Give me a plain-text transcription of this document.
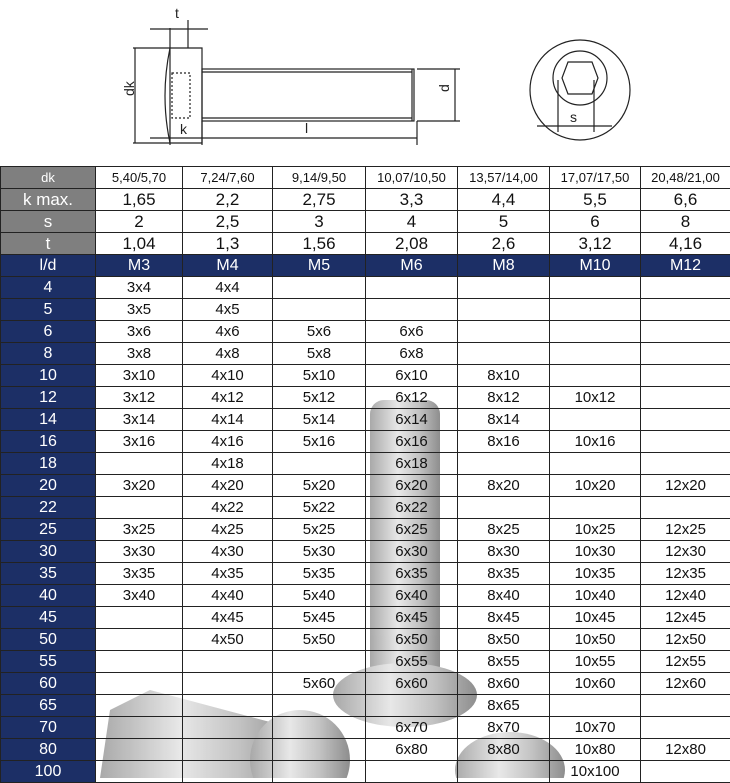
t
dk
k	l
d
s
dk	5,40/5,70	7,24/7,60	9,14/9,50	10,07/10,50	13,57/14,00	17,07/17,50	20,48/21,00
k max.	1,65	2,2	2,75	3,3	4,4	5,5	6,6
s	2	2,5	3	4	5	6	8
t	1,04	1,3	1,56	2,08	2,6	3,12	4,16
l/d	M3	M4	M5	M6	M8	M10	M12
4	3x4	4x4					
5	3x5	4x5					
6	3x6	4x6	5x6	6x6			
8	3x8	4x8	5x8	6x8			
10	3x10	4x10	5x10	6x10	8x10		
12	3x12	4x12	5x12	6x12	8x12	10x12	
14	3x14	4x14	5x14	6x14	8x14		
16	3x16	4x16	5x16	6x16	8x16	10x16	
18		4x18		6x18			
20	3x20	4x20	5x20	6x20	8x20	10x20	12x20
22		4x22	5x22	6x22			
25	3x25	4x25	5x25	6x25	8x25	10x25	12x25
30	3x30	4x30	5x30	6x30	8x30	10x30	12x30
35	3x35	4x35	5x35	6x35	8x35	10x35	12x35
40	3x40	4x40	5x40	6x40	8x40	10x40	12x40
45		4x45	5x45	6x45	8x45	10x45	12x45
50		4x50	5x50	6x50	8x50	10x50	12x50
55				6x55	8x55	10x55	12x55
60			5x60	6x60	8x60	10x60	12x60
65					8x65		
70				6x70	8x70	10x70	
80				6x80	8x80	10x80	12x80
100						10x100	
